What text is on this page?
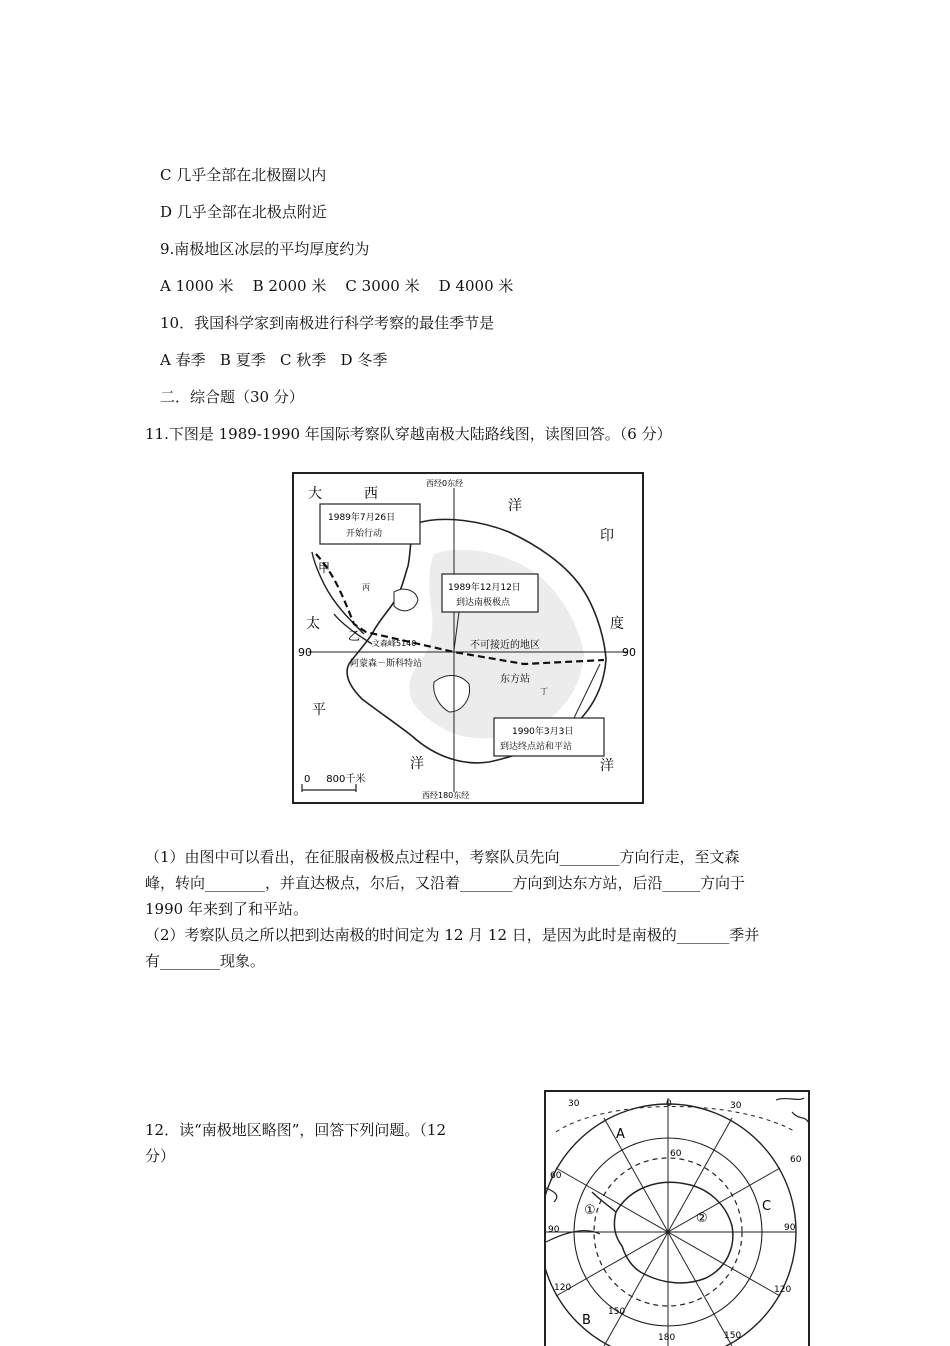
C 几乎全部在北极圈以内
D 几乎全部在北极点附近
9.南极地区冰层的平均厚度约为
A 1000 米    B 2000 米    C 3000 米    D 4000 米
10．我国科学家到南极进行科学考察的最佳季节是
A 春季   B 夏季   C 秋季   D 冬季
二．综合题（30 分）
11.下图是 1989-1990 年国际考察队穿越南极大陆路线图，读图回答。（6 分）
大	西
洋
印
度
洋
太
平
洋
西经0东经
西经180东经
90	90
1989年7月26日
开始行动
1989年12月12日
到达南极极点
1990年3月3日
到达终点站和平站
甲
乙
丙
丁
文森峰5140	不可接近的地区
阿蒙森－斯科特站
东方站
0     800千米
（1）由图中可以看出，在征服南极极点过程中，考察队员先向________方向行走，至文森
峰，转向________，并直达极点，尔后，又沿着_______方向到达东方站，后沿_____方向于
1990 年来到了和平站。
（2）考察队员之所以把到达南极的时间定为 12 月 12 日，是因为此时是南极的_______季并
有________现象。
12．读“南极地区略图”，回答下列问题。（12
分）
A
B
C
①
②
30	0	30
60
60
60
90	90
120	120
150
180	150
